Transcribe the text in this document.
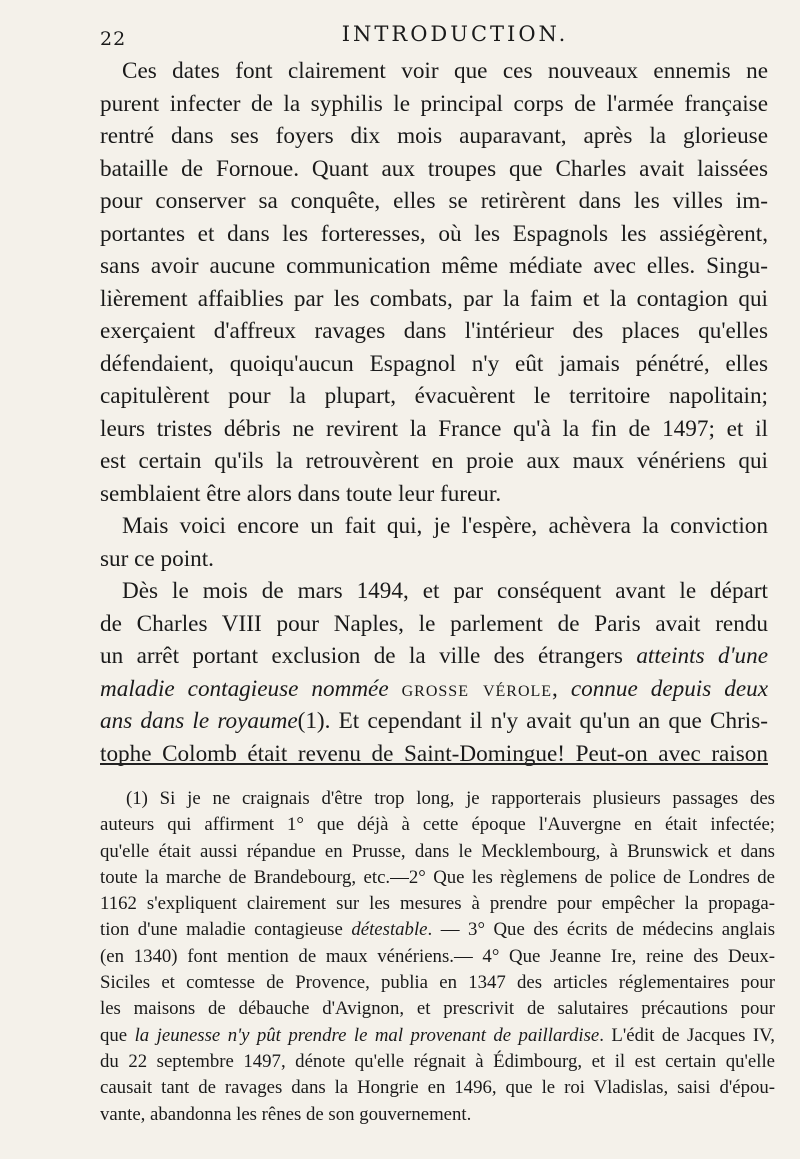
22	INTRODUCTION.
Ces dates font clairement voir que ces nouveaux ennemis ne
purent infecter de la syphilis le principal corps de l'armée française
rentré dans ses foyers dix mois auparavant, après la glorieuse
bataille de Fornoue. Quant aux troupes que Charles avait laissées
pour conserver sa conquête, elles se retirèrent dans les villes im-
portantes et dans les forteresses, où les Espagnols les assiégèrent,
sans avoir aucune communication même médiate avec elles. Singu-
lièrement affaiblies par les combats, par la faim et la contagion qui
exerçaient d'affreux ravages dans l'intérieur des places qu'elles
défendaient, quoiqu'aucun Espagnol n'y eût jamais pénétré, elles
capitulèrent pour la plupart, évacuèrent le territoire napolitain;
leurs tristes débris ne revirent la France qu'à la fin de 1497; et il
est certain qu'ils la retrouvèrent en proie aux maux vénériens qui
semblaient être alors dans toute leur fureur.
Mais voici encore un fait qui, je l'espère, achèvera la conviction
sur ce point.
Dès le mois de mars 1494, et par conséquent avant le départ
de Charles VIII pour Naples, le parlement de Paris avait rendu
un arrêt portant exclusion de la ville des étrangers atteints d'une
maladie contagieuse nommée grosse vérole, connue depuis deux
ans dans le royaume(1). Et cependant il n'y avait qu'un an que Chris-
tophe Colomb était revenu de Saint-Domingue! Peut-on avec raison
(1) Si je ne craignais d'être trop long, je rapporterais plusieurs passages des
auteurs qui affirment 1° que déjà à cette époque l'Auvergne en était infectée;
qu'elle était aussi répandue en Prusse, dans le Mecklembourg, à Brunswick et dans
toute la marche de Brandebourg, etc.—2° Que les règlemens de police de Londres de
1162 s'expliquent clairement sur les mesures à prendre pour empêcher la propaga-
tion d'une maladie contagieuse détestable. — 3° Que des écrits de médecins anglais
(en 1340) font mention de maux vénériens.— 4° Que Jeanne Ire, reine des Deux-
Siciles et comtesse de Provence, publia en 1347 des articles réglementaires pour
les maisons de débauche d'Avignon, et prescrivit de salutaires précautions pour
que la jeunesse n'y pût prendre le mal provenant de paillardise. L'édit de Jacques IV,
du 22 septembre 1497, dénote qu'elle régnait à Édimbourg, et il est certain qu'elle
causait tant de ravages dans la Hongrie en 1496, que le roi Vladislas, saisi d'épou-
vante, abandonna les rênes de son gouvernement.
